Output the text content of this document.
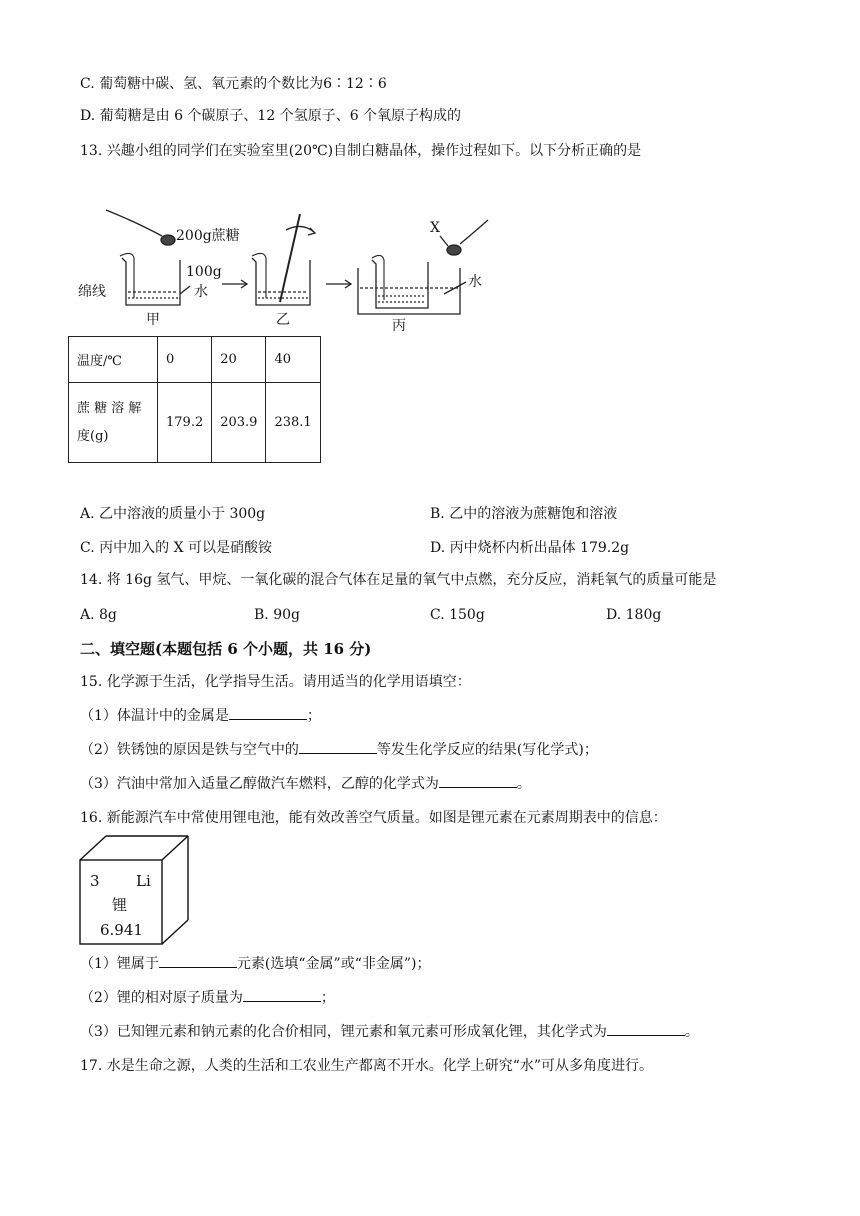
C. 葡萄糖中碳、氢、氧元素的个数比为6∶12∶6
D. 葡萄糖是由 6 个碳原子、12 个氢原子、6 个氧原子构成的
13. 兴趣小组的同学们在实验室里(20℃)自制白糖晶体，操作过程如下。以下分析正确的是
200g蔗糖
绵线
100g
水
甲	乙	丙
X
水
温度/℃	0	20	40
蔗 糖 溶 解
度(g)	179.2	203.9	238.1
A. 乙中溶液的质量小于 300g	B. 乙中的溶液为蔗糖饱和溶液
C. 丙中加入的 X 可以是硝酸铵	D. 丙中烧杯内析出晶体 179.2g
14. 将 16g 氢气、甲烷、一氧化碳的混合气体在足量的氧气中点燃，充分反应，消耗氧气的质量可能是
A. 8g	B. 90g	C. 150g	D. 180g
二、填空题(本题包括 6 个小题，共 16 分)
15. 化学源于生活，化学指导生活。请用适当的化学用语填空：
（1）体温计中的金属是	；
（2）铁锈蚀的原因是铁与空气中的	等发生化学反应的结果(写化学式)；
（3）汽油中常加入适量乙醇做汽车燃料，乙醇的化学式为	。
16. 新能源汽车中常使用锂电池，能有效改善空气质量。如图是锂元素在元素周期表中的信息：
3 Li
锂
6.941
（1）锂属于	元素(选填“金属”或“非金属”)；
（2）锂的相对原子质量为	；
（3）已知锂元素和钠元素的化合价相同，锂元素和氧元素可形成氧化锂，其化学式为	。
17. 水是生命之源，人类的生活和工农业生产都离不开水。化学上研究“水”可从多角度进行。
